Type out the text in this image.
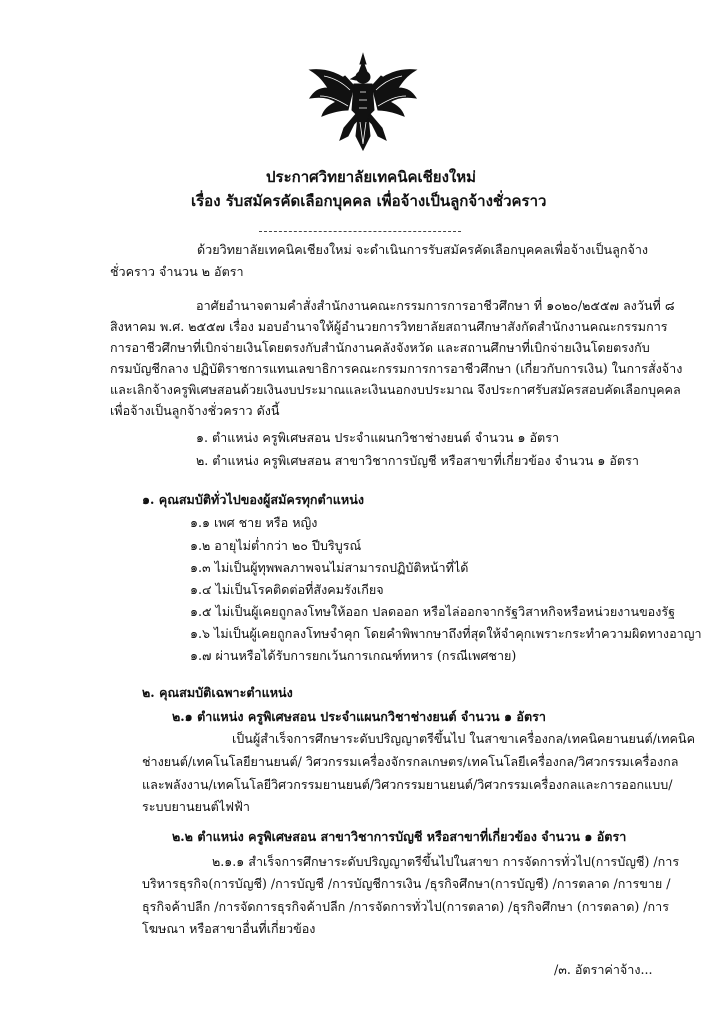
ประกาศวิทยาลัยเทคนิคเชียงใหม่
เรื่อง รับสมัครคัดเลือกบุคคล เพื่อจ้างเป็นลูกจ้างชั่วคราว
ด้วยวิทยาลัยเทคนิคเชียงใหม่ จะดำเนินการรับสมัครคัดเลือกบุคคลเพื่อจ้างเป็นลูกจ้าง
ชั่วคราว จำนวน ๒ อัตรา
อาศัยอำนาจตามคำสั่งสำนักงานคณะกรรมการการอาชีวศึกษา ที่ ๑๐๒๐/๒๕๕๗ ลงวันที่ ๘
สิงหาคม พ.ศ. ๒๕๕๗ เรื่อง มอบอำนาจให้ผู้อำนวยการวิทยาลัยสถานศึกษาสังกัดสำนักงานคณะกรรมการ
การอาชีวศึกษาที่เบิกจ่ายเงินโดยตรงกับสำนักงานคลังจังหวัด และสถานศึกษาที่เบิกจ่ายเงินโดยตรงกับ
กรมบัญชีกลาง ปฏิบัติราชการแทนเลขาธิการคณะกรรมการการอาชีวศึกษา (เกี่ยวกับการเงิน) ในการสั่งจ้าง
และเลิกจ้างครูพิเศษสอนด้วยเงินงบประมาณและเงินนอกงบประมาณ จึงประกาศรับสมัครสอบคัดเลือกบุคคล
เพื่อจ้างเป็นลูกจ้างชั่วคราว ดังนี้
๑. ตำแหน่ง ครูพิเศษสอน ประจำแผนกวิชาช่างยนต์ จำนวน ๑ อัตรา
๒. ตำแหน่ง ครูพิเศษสอน สาขาวิชาการบัญชี หรือสาขาที่เกี่ยวข้อง จำนวน ๑ อัตรา
๑. คุณสมบัติทั่วไปของผู้สมัครทุกตำแหน่ง
๑.๑ เพศ ชาย หรือ หญิง
๑.๒ อายุไม่ต่ำกว่า ๒๐ ปีบริบูรณ์
๑.๓ ไม่เป็นผู้ทุพพลภาพจนไม่สามารถปฏิบัติหน้าที่ได้
๑.๔ ไม่เป็นโรคติดต่อที่สังคมรังเกียจ
๑.๕ ไม่เป็นผู้เคยถูกลงโทษให้ออก ปลดออก หรือไล่ออกจากรัฐวิสาหกิจหรือหน่วยงานของรัฐ
๑.๖ ไม่เป็นผู้เคยถูกลงโทษจำคุก โดยคำพิพากษาถึงที่สุดให้จำคุกเพราะกระทำความผิดทางอาญา
๑.๗ ผ่านหรือได้รับการยกเว้นการเกณฑ์ทหาร (กรณีเพศชาย)
๒. คุณสมบัติเฉพาะตำแหน่ง
๒.๑ ตำแหน่ง ครูพิเศษสอน ประจำแผนกวิชาช่างยนต์ จำนวน ๑ อัตรา
เป็นผู้สำเร็จการศึกษาระดับปริญญาตรีขึ้นไป ในสาขาเครื่องกล/เทคนิคยานยนต์/เทคนิค
ช่างยนต์/เทคโนโลยียานยนต์/ วิศวกรรมเครื่องจักรกลเกษตร/เทคโนโลยีเครื่องกล/วิศวกรรมเครื่องกล
และพลังงาน/เทคโนโลยีวิศวกรรมยานยนต์/วิศวกรรมยานยนต์/วิศวกรรมเครื่องกลและการออกแบบ/
ระบบยานยนต์ไฟฟ้า
๒.๒ ตำแหน่ง ครูพิเศษสอน สาขาวิชาการบัญชี หรือสาขาที่เกี่ยวข้อง จำนวน ๑ อัตรา
๒.๑.๑ สำเร็จการศึกษาระดับปริญญาตรีขึ้นไปในสาขา การจัดการทั่วไป(การบัญชี) /การ
บริหารธุรกิจ(การบัญชี) /การบัญชี /การบัญชีการเงิน /ธุรกิจศึกษา(การบัญชี) /การตลาด /การขาย /
ธุรกิจค้าปลีก /การจัดการธุรกิจค้าปลีก /การจัดการทั่วไป(การตลาด) /ธุรกิจศึกษา (การตลาด) /การ
โฆษณา หรือสาขาอื่นที่เกี่ยวข้อง
/๓. อัตราค่าจ้าง...
